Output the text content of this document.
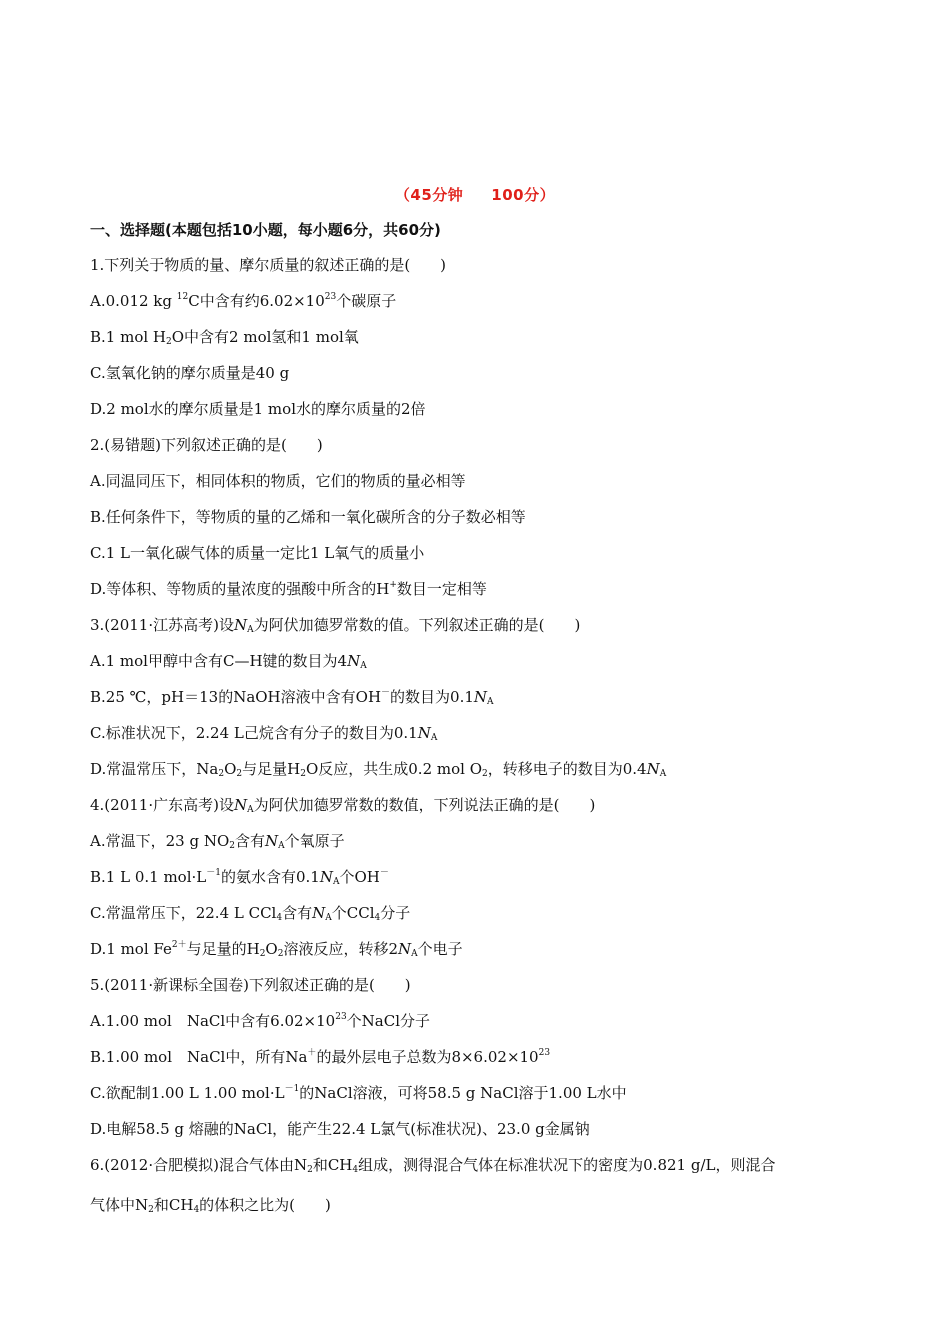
（45分钟 100分）
一、选择题(本题包括10小题，每小题6分，共60分)
1.下列关于物质的量、摩尔质量的叙述正确的是(　　)
A.0.012 kg $^{12}$C中含有约$6.02\times 10^{23}$个碳原子
B.1 mol $H_2O$中含有2 mol氢和1 mol氧
C.氢氧化钠的摩尔质量是40 g
D.2 mol水的摩尔质量是1 mol水的摩尔质量的2倍
2.(易错题)下列叙述正确的是(　　)
A.同温同压下，相同体积的物质，它们的物质的量必相等
B.任何条件下，等物质的量的乙烯和一氧化碳所含的分子数必相等
C.1 L一氧化碳气体的质量一定比1 L氧气的质量小
D.等体积、等物质的量浓度的强酸中所含的H+数目一定相等
3.(2011·江苏高考)设$N_A$为阿伏加德罗常数的值。下列叙述正确的是(　　)
A.1 mol甲醇中含有C—H键的数目为$4N_A$
B.25 ℃，pH＝13的NaOH溶液中含有OH－的数目为$0.1N_A$
C.标准状况下，2.24 L己烷含有分子的数目为$0.1N_A$
D.常温常压下，$Na_2O_2$与足量$H_2O$反应，共生成0.2 mol $O_2$，转移电子的数目为$0.4N_A$
4.(2011·广东高考)设$N_A$为阿伏加德罗常数的数值，下列说法正确的是(　　)
A.常温下，23 g $NO_2$含有$N_A$个氧原子
B.1 L 0.1 $mol\cdot L^{-1}$的氨水含有$0.1N_A$个OH－
C.常温常压下，22.4 L CCl$_4$含有$N_A$个CCl$_4$分子
D.1 mol $Fe^{2+}$与足量的$H_2O_2$溶液反应，转移$2N_A$个电子
5.(2011·新课标全国卷)下列叙述正确的是(　　)
A.1.00 mol　NaCl中含有$6.02\times 10^{23}$个NaCl分子
B.1.00 mol　NaCl中，所有Na＋的最外层电子总数为$8\times 6.02\times 10^{23}$
C.欲配制1.00 L 1.00 $mol\cdot L^{-1}$的NaCl溶液，可将58.5 g NaCl溶于1.00 L水中
D.电解58.5 g 熔融的NaCl，能产生22.4 L氯气(标准状况)、23.0 g金属钠
6.(2012·合肥模拟)混合气体由$N_2$和$CH_4$组成，测得混合气体在标准状况下的密度为0.821 g/L，则混合
气体中$N_2$和$CH_4$的体积之比为(　　)
